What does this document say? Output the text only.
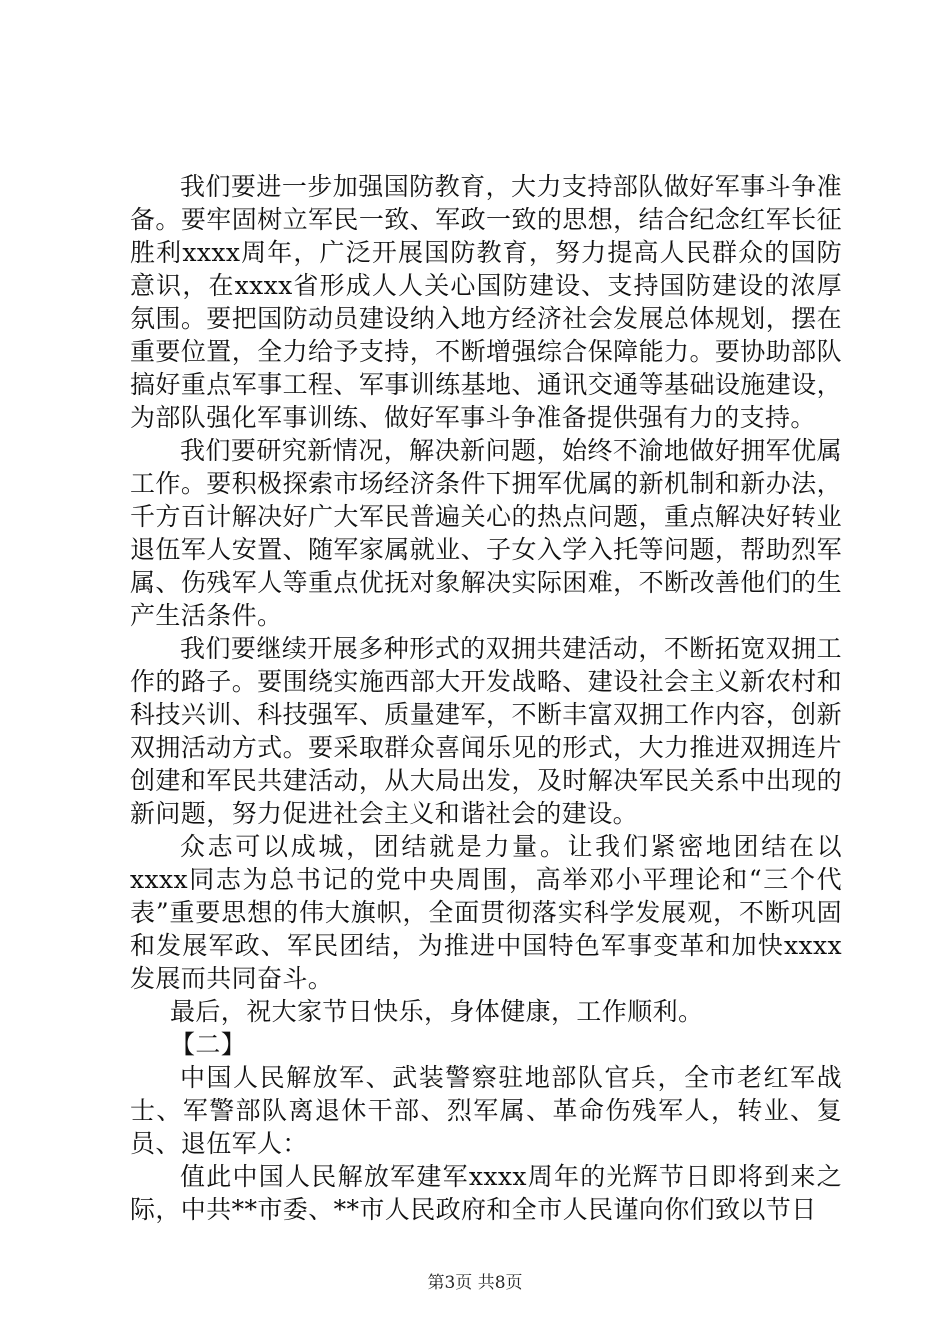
我们要进一步加强国防教育，大力支持部队做好军事斗争准备。要牢固树立军民一致、军政一致的思想，结合纪念红军长征胜利xxxx周年，广泛开展国防教育，努力提高人民群众的国防意识，在xxxx省形成人人关心国防建设、支持国防建设的浓厚氛围。要把国防动员建设纳入地方经济社会发展总体规划，摆在重要位置，全力给予支持，不断增强综合保障能力。要协助部队搞好重点军事工程、军事训练基地、通讯交通等基础设施建设，为部队强化军事训练、做好军事斗争准备提供强有力的支持。

我们要研究新情况，解决新问题，始终不渝地做好拥军优属工作。要积极探索市场经济条件下拥军优属的新机制和新办法，千方百计解决好广大军民普遍关心的热点问题，重点解决好转业退伍军人安置、随军家属就业、子女入学入托等问题，帮助烈军属、伤残军人等重点优抚对象解决实际困难，不断改善他们的生产生活条件。

我们要继续开展多种形式的双拥共建活动，不断拓宽双拥工作的路子。要围绕实施西部大开发战略、建设社会主义新农村和科技兴训、科技强军、质量建军，不断丰富双拥工作内容，创新双拥活动方式。要采取群众喜闻乐见的形式，大力推进双拥连片创建和军民共建活动，从大局出发，及时解决军民关系中出现的新问题，努力促进社会主义和谐社会的建设。

众志可以成城，团结就是力量。让我们紧密地团结在以xxxx同志为总书记的党中央周围，高举邓小平理论和“三个代表”重要思想的伟大旗帜，全面贯彻落实科学发展观，不断巩固和发展军政、军民团结，为推进中国特色军事变革和加快xxxx发展而共同奋斗。

最后，祝大家节日快乐，身体健康，工作顺利。

【二】

中国人民解放军、武装警察驻地部队官兵，全市老红军战士、军警部队离退休干部、烈军属、革命伤残军人，转业、复员、退伍军人：

值此中国人民解放军建军xxxx周年的光辉节日即将到来之际，中共**市委、**市人民政府和全市人民谨向你们致以节日

第3页 共8页
